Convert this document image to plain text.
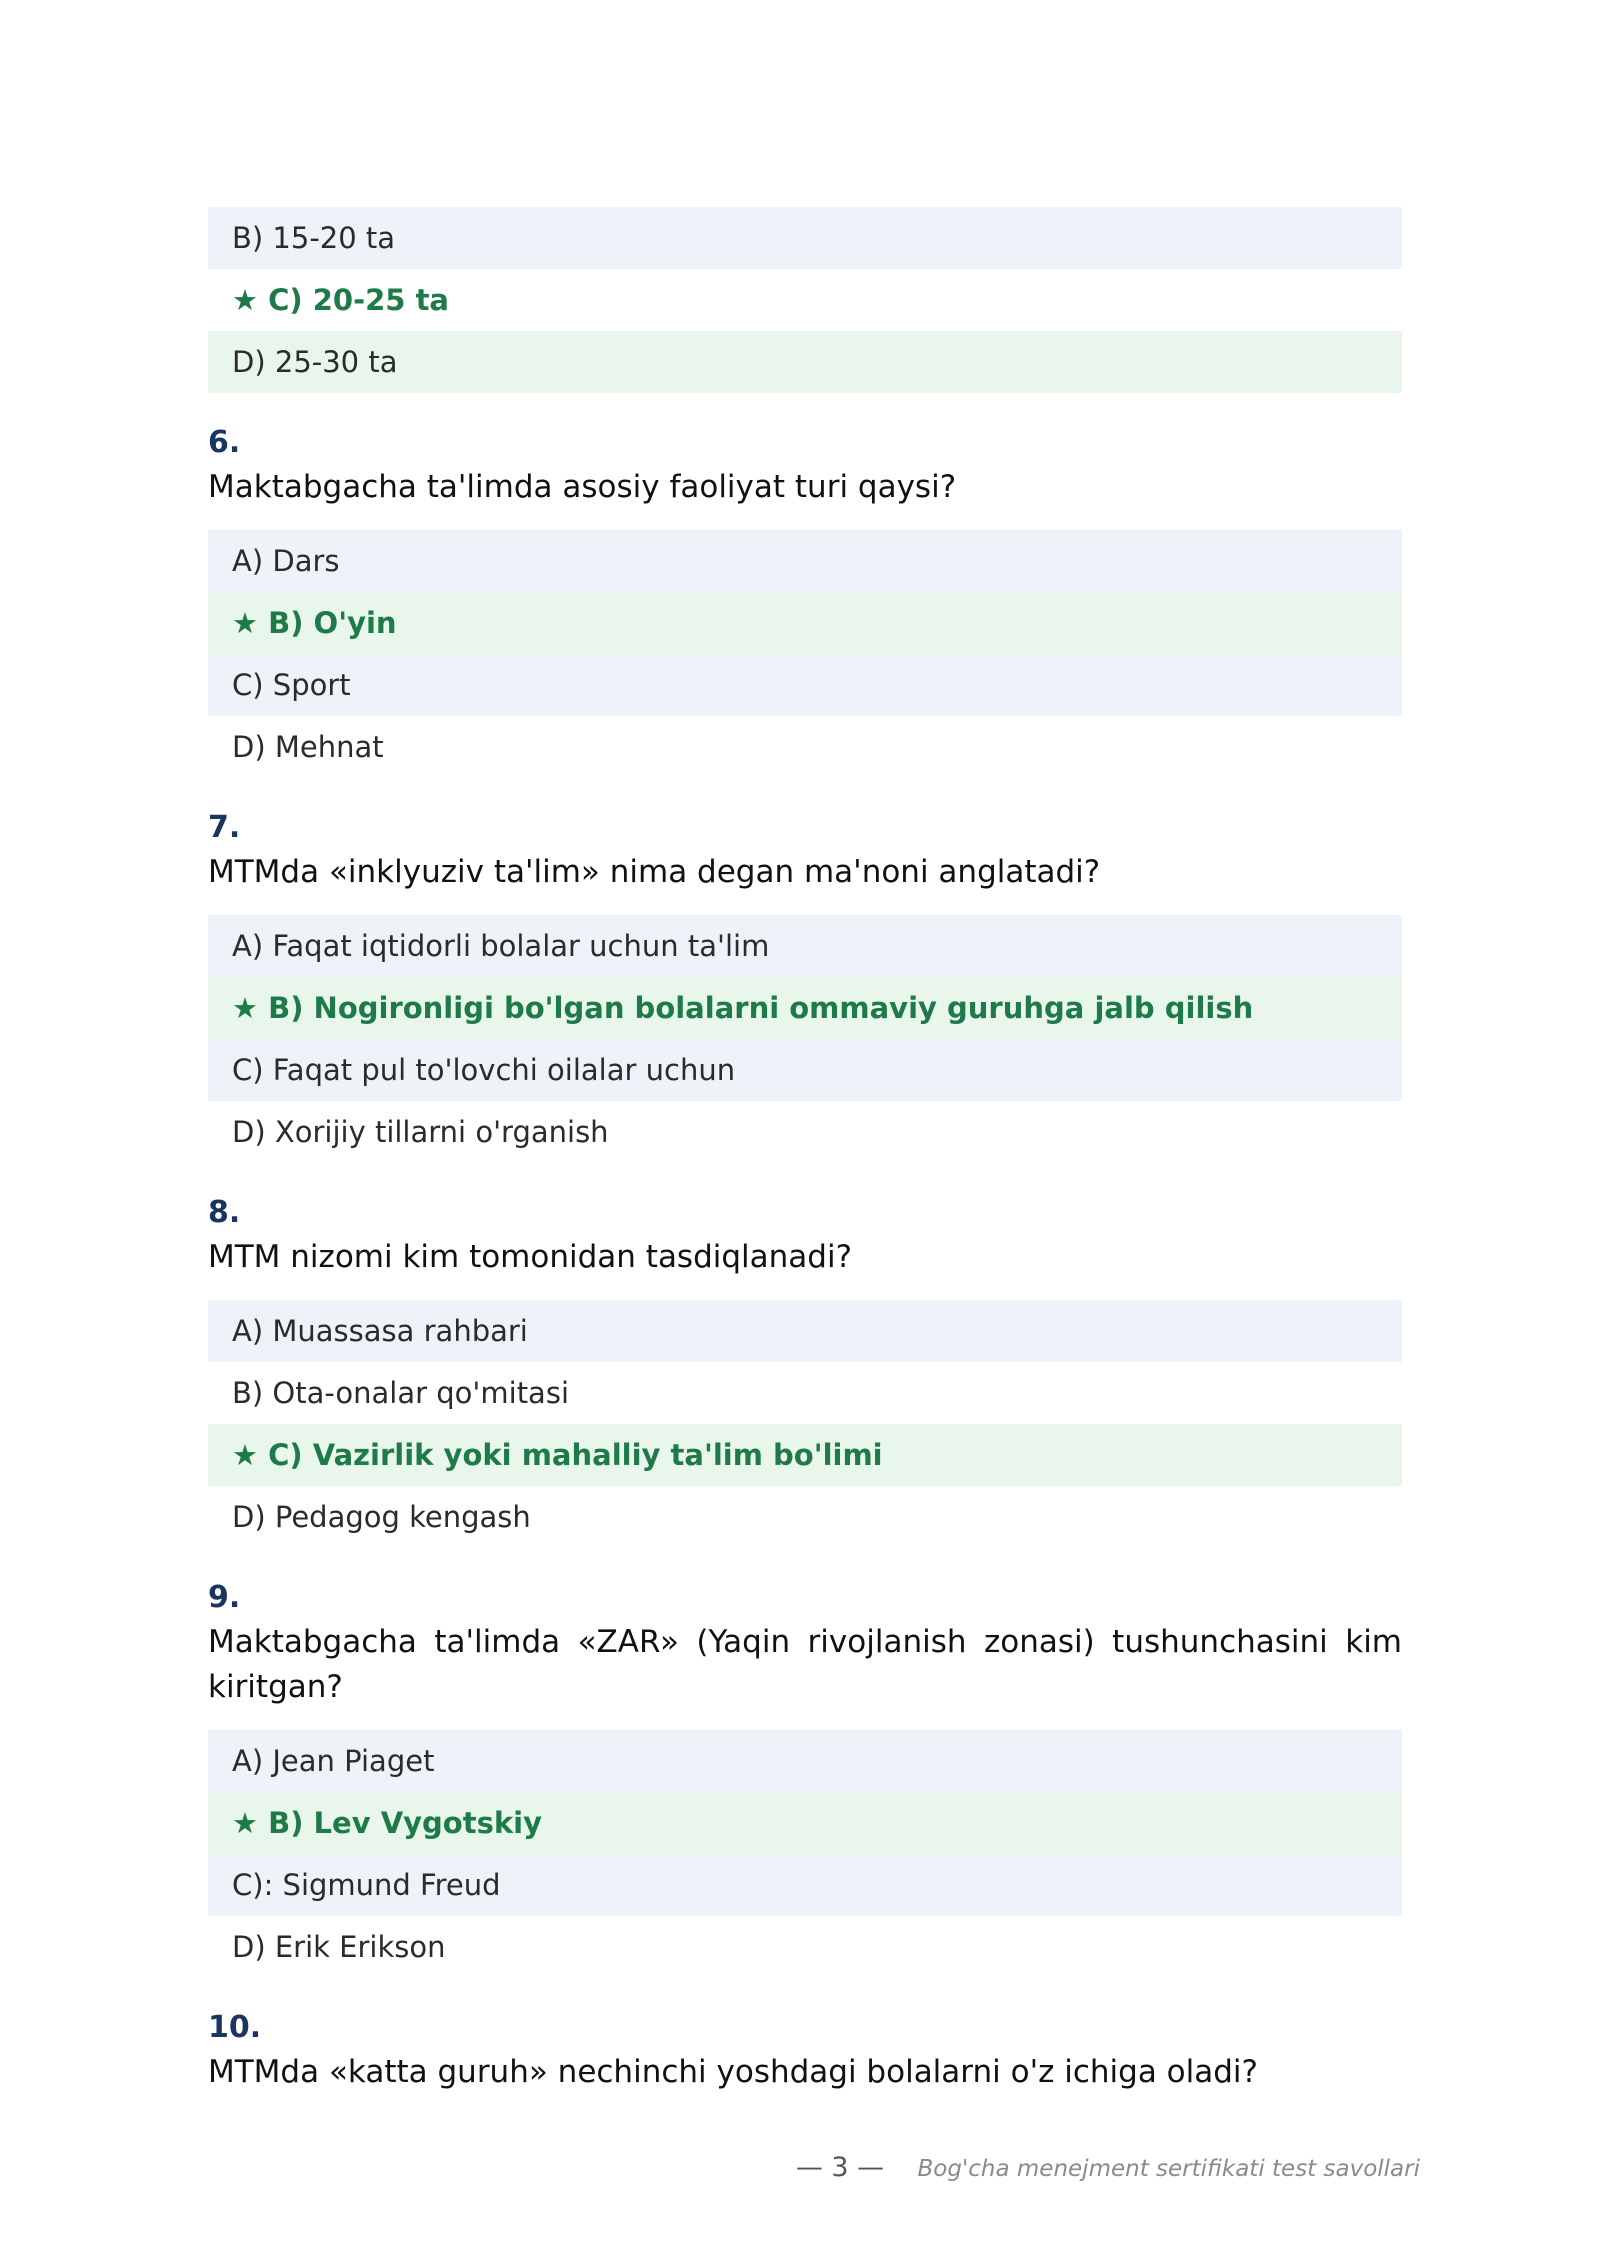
B) 15-20 ta
★ C) 20-25 ta
D) 25-30 ta
6.
Maktabgacha ta'limda asosiy faoliyat turi qaysi?
A) Dars
★ B) O'yin
C) Sport
D) Mehnat
7.
MTMda «inklyuziv ta'lim» nima degan ma'noni anglatadi?
A) Faqat iqtidorli bolalar uchun ta'lim
★ B) Nogironligi bo'lgan bolalarni ommaviy guruhga jalb qilish
C) Faqat pul to'lovchi oilalar uchun
D) Xorijiy tillarni o'rganish
8.
MTM nizomi kim tomonidan tasdiqlanadi?
A) Muassasa rahbari
B) Ota-onalar qo'mitasi
★ C) Vazirlik yoki mahalliy ta'lim bo'limi
D) Pedagog kengash
9.
Maktabgacha ta'limda «ZAR» (Yaqin rivojlanish zonasi) tushunchasini kim kiritgan?
A) Jean Piaget
★ B) Lev Vygotskiy
C): Sigmund Freud
D) Erik Erikson
10.
MTMda «katta guruh» nechinchi yoshdagi bolalarni o'z ichiga oladi?
— 3 —	Bog'cha menejment sertifikati test savollari
